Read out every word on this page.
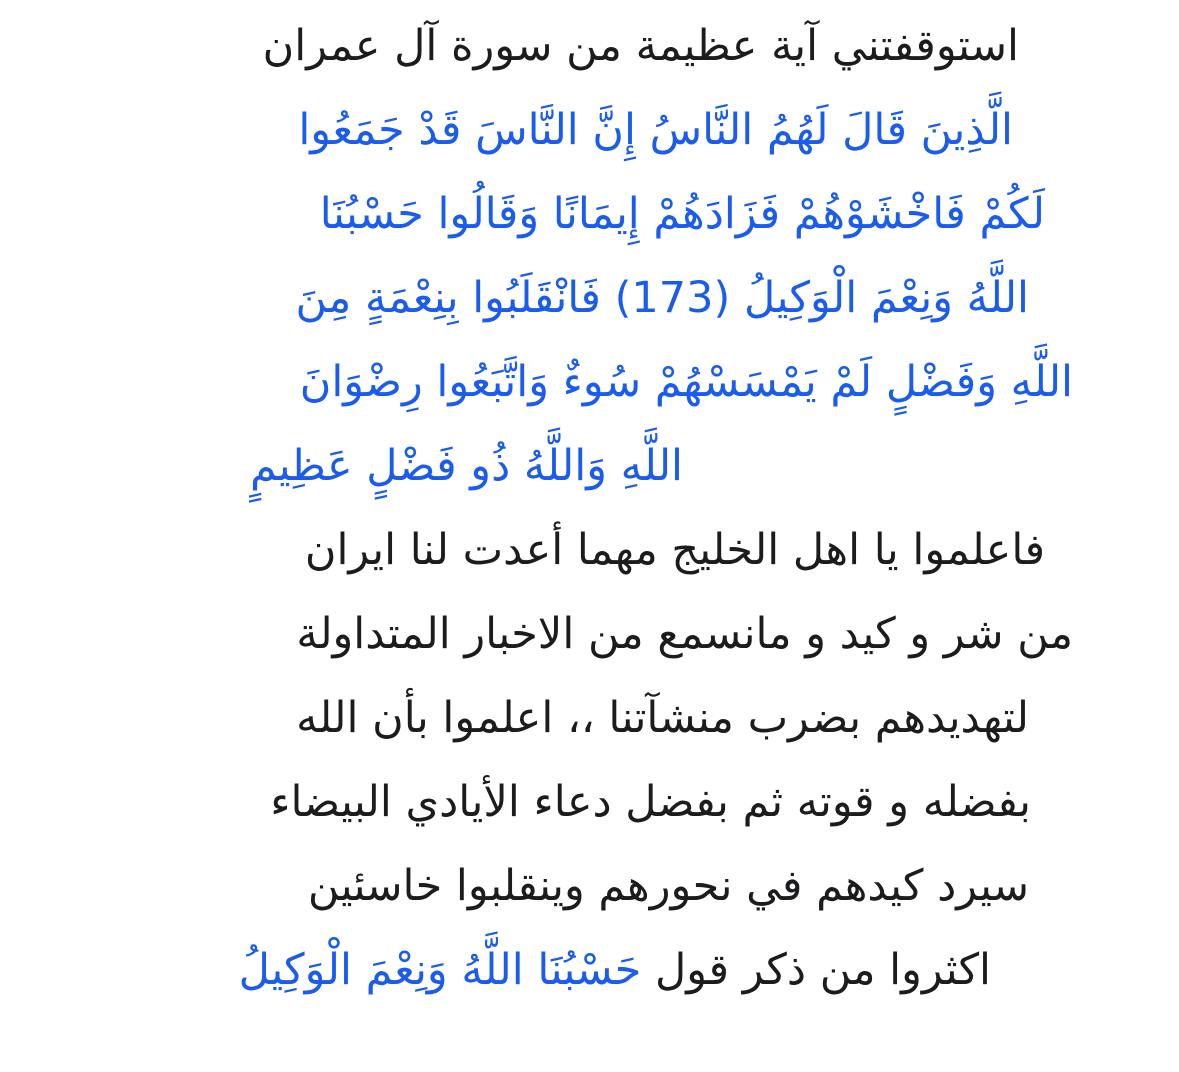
استوقفتني آية عظيمة من سورة آل عمران
الَّذِينَ قَالَ لَهُمُ النَّاسُ إِنَّ النَّاسَ قَدْ جَمَعُوا
لَكُمْ فَاخْشَوْهُمْ فَزَادَهُمْ إِيمَانًا وَقَالُوا حَسْبُنَا
اللَّهُ وَنِعْمَ الْوَكِيلُ (173) فَانْقَلَبُوا بِنِعْمَةٍ مِنَ
اللَّهِ وَفَضْلٍ لَمْ يَمْسَسْهُمْ سُوءٌ وَاتَّبَعُوا رِضْوَانَ
اللَّهِ وَاللَّهُ ذُو فَضْلٍ عَظِيمٍ
فاعلموا يا اهل الخليج مهما أعدت لنا ايران
من شر و كيد و مانسمع من الاخبار المتداولة
لتهديدهم بضرب منشآتنا ،، اعلموا بأن الله
بفضله و قوته ثم بفضل دعاء الأيادي البيضاء
سيرد كيدهم في نحورهم وينقلبوا خاسئين
اكثروا من ذكر قول حَسْبُنَا اللَّهُ وَنِعْمَ الْوَكِيلُ
